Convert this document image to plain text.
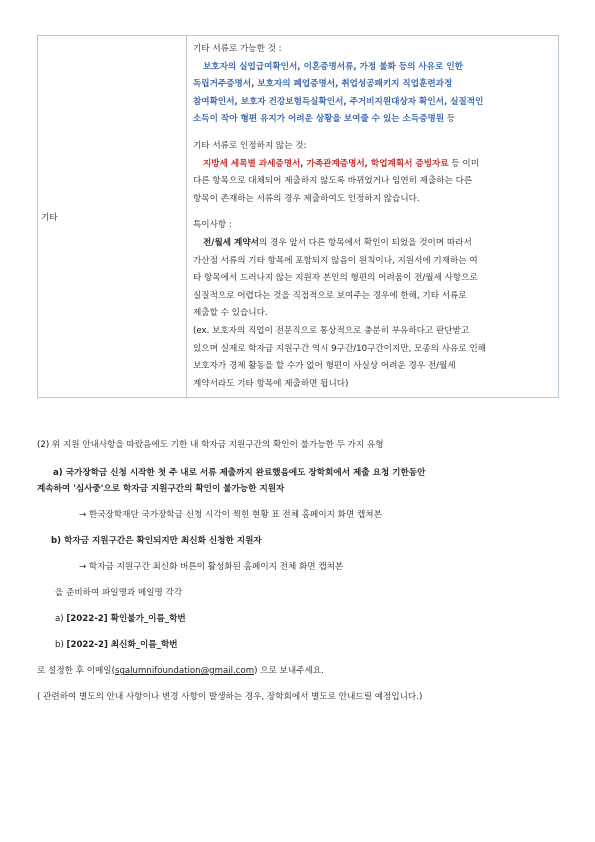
기타	
기타 서류로 가능한 것 :
보호자의 실업급여확인서, 이혼증명서류, 가정 불화 등의 사유로 인한
독립거주증명서, 보호자의 폐업증명서, 취업성공패키지 직업훈련과정
참여확인서, 보호자 건강보험득실확인서, 주거비지원대상자 확인서, 실질적인
소득이 작아 형편 유지가 어려운 상황을 보여줄 수 있는 소득증명원 등
기타 서류로 인정하지 않는 것:
지방세 세목별 과세증명서, 가족관계증명서, 학업계획서 증빙자료 등 이미
다른 항목으로 대체되어 제출하지 않도록 바뀌었거나 임연히 제출하는 다른
항목이 존재하는 서류의 경우 제출하여도 인정하지 않습니다.
특이사항 :
전/월세 계약서의 경우 앞서 다른 항목에서 확인이 되었을 것이며 따라서
가산점 서류의 기타 항목에 포함되지 않음이 원칙이나, 지원서에 기재하는 여
타 항목에서 드러나지 않는 지원자 본인의 형편의 어려움이 전/월세 사항으로
실질적으로 어렵다는 것을 직접적으로 보여주는 경우에 한해, 기타 서류로
제출할 수 있습니다.
(ex. 보호자의 직업이 전문직으로 통상적으로 충분히 부유하다고 판단받고
있으며 실제로 학자금 지원구간 역시 9구간/10구간이지만, 모종의 사유로 인해
보호자가 경제 활동을 할 수가 없어 형편이 사실상 어려운 경우 전/월세
계약서라도 기타 항목에 제출하면 됩니다)
(2) 위 지원 안내사항을 따랐음에도 기한 내 학자금 지원구간의 확인이 불가능한 두 가지 유형
a) 국가장학금 신청 시작한 첫 주 내로 서류 제출까지 완료했음에도 장학회에서 제출 요청 기한동안
계속하여 '심사중'으로 학자금 지원구간의 확인이 불가능한 지원자
→ 한국장학재단 국가장학금 신청 시각이 찍힌 현황 표 전체 홈페이지 화면 캡쳐본
b) 학자금 지원구간은 확인되지만 최신화 신청한 지원자
→ 학자금 지원구간 최신화 버튼이 활성화된 홈페이지 전체 화면 캡쳐본
을 준비하여 파일명과 메일명 각각
a) [2022-2] 확인불가_이름_학번
b) [2022-2] 최신화_이름_학번
로 설정한 후 이메일(sgalumnifoundation@gmail.com) 으로 보내주세요.
( 관련하여 별도의 안내 사항이나 변경 사항이 발생하는 경우, 장학회에서 별도로 안내드릴 예정입니다.)
